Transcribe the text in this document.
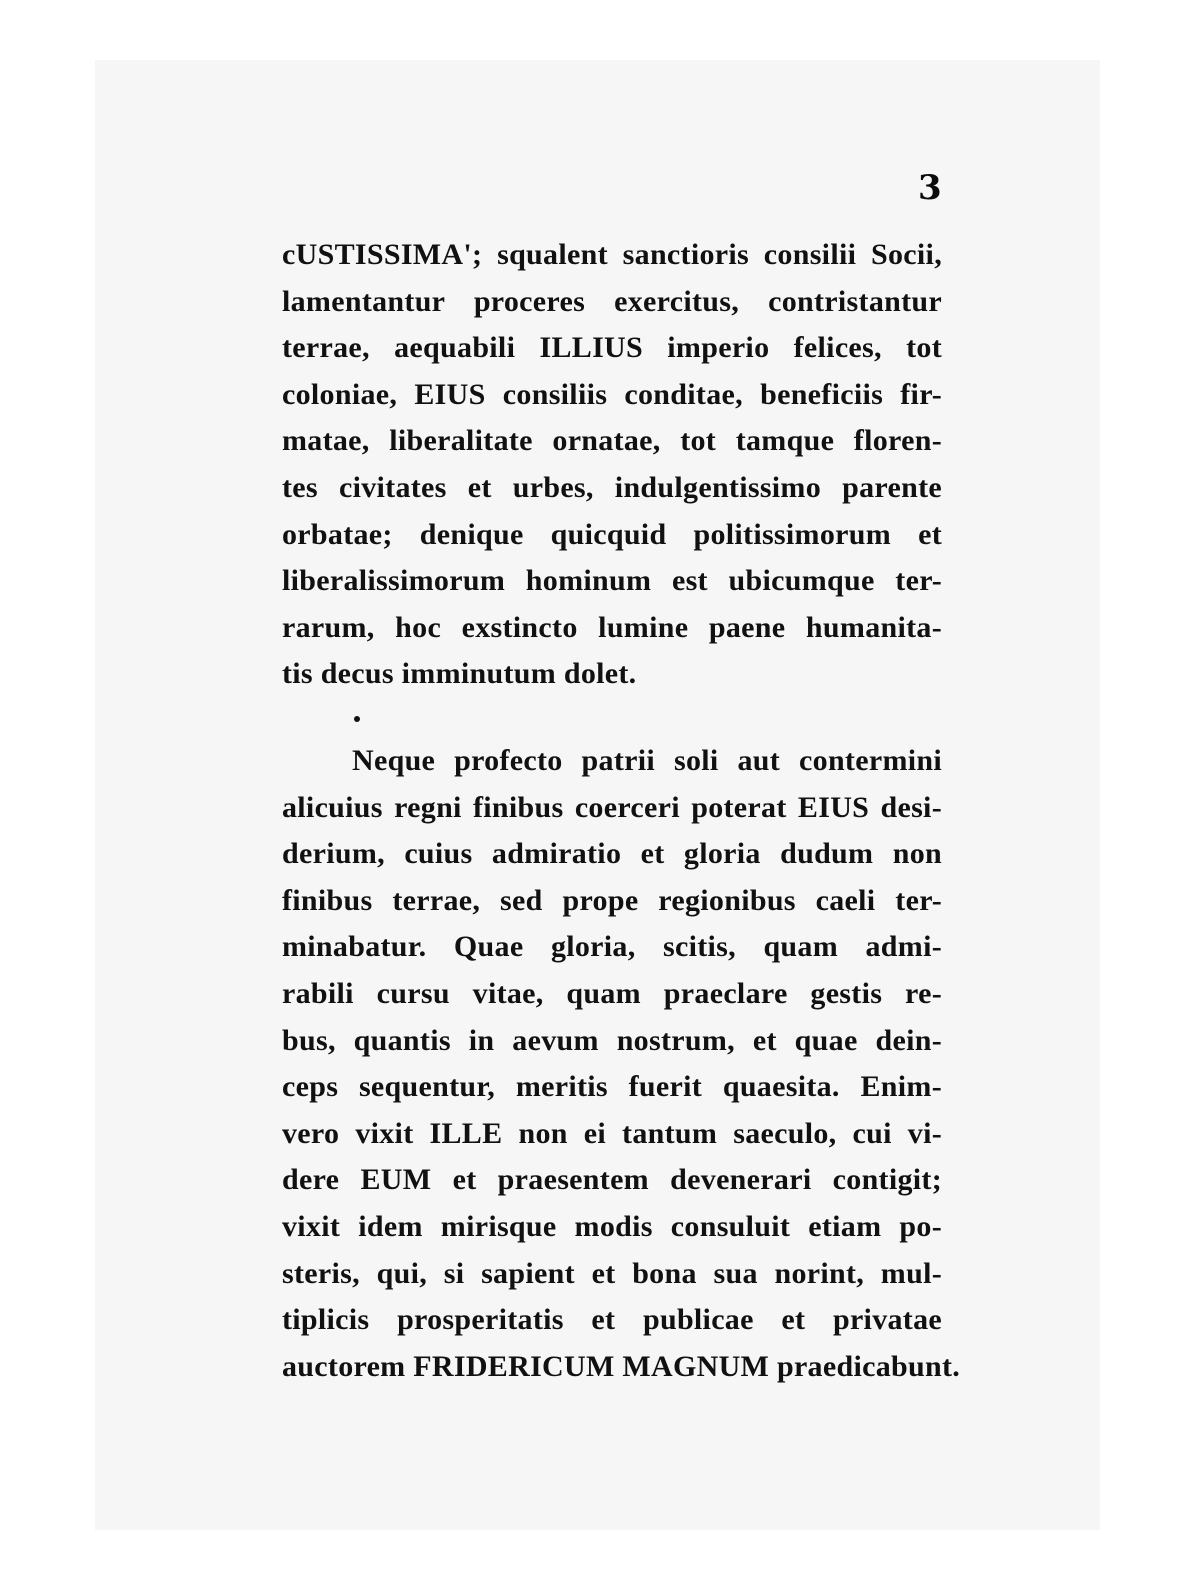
3
cUSTISSIMA'; squalent sanctioris consilii Socii,
lamentantur proceres exercitus, contristantur
terrae, aequabili ILLIUS imperio felices, tot
coloniae, EIUS consiliis conditae, beneficiis fir-
matae, liberalitate ornatae, tot tamque floren-
tes civitates et urbes, indulgentissimo parente
orbatae; denique quicquid politissimorum et
liberalissimorum hominum est ubicumque ter-
rarum, hoc exstincto lumine paene humanita-
tis decus imminutum dolet.
Neque profecto patrii soli aut contermini
alicuius regni finibus coerceri poterat EIUS desi-
derium, cuius admiratio et gloria dudum non
finibus terrae, sed prope regionibus caeli ter-
minabatur. Quae gloria, scitis, quam admi-
rabili cursu vitae, quam praeclare gestis re-
bus, quantis in aevum nostrum, et quae dein-
ceps sequentur, meritis fuerit quaesita. Enim-
vero vixit ILLE non ei tantum saeculo, cui vi-
dere EUM et praesentem devenerari contigit;
vixit idem mirisque modis consuluit etiam po-
steris, qui, si sapient et bona sua norint, mul-
tiplicis prosperitatis et publicae et privatae
auctorem FRIDERICUM MAGNUM praedicabunt.
